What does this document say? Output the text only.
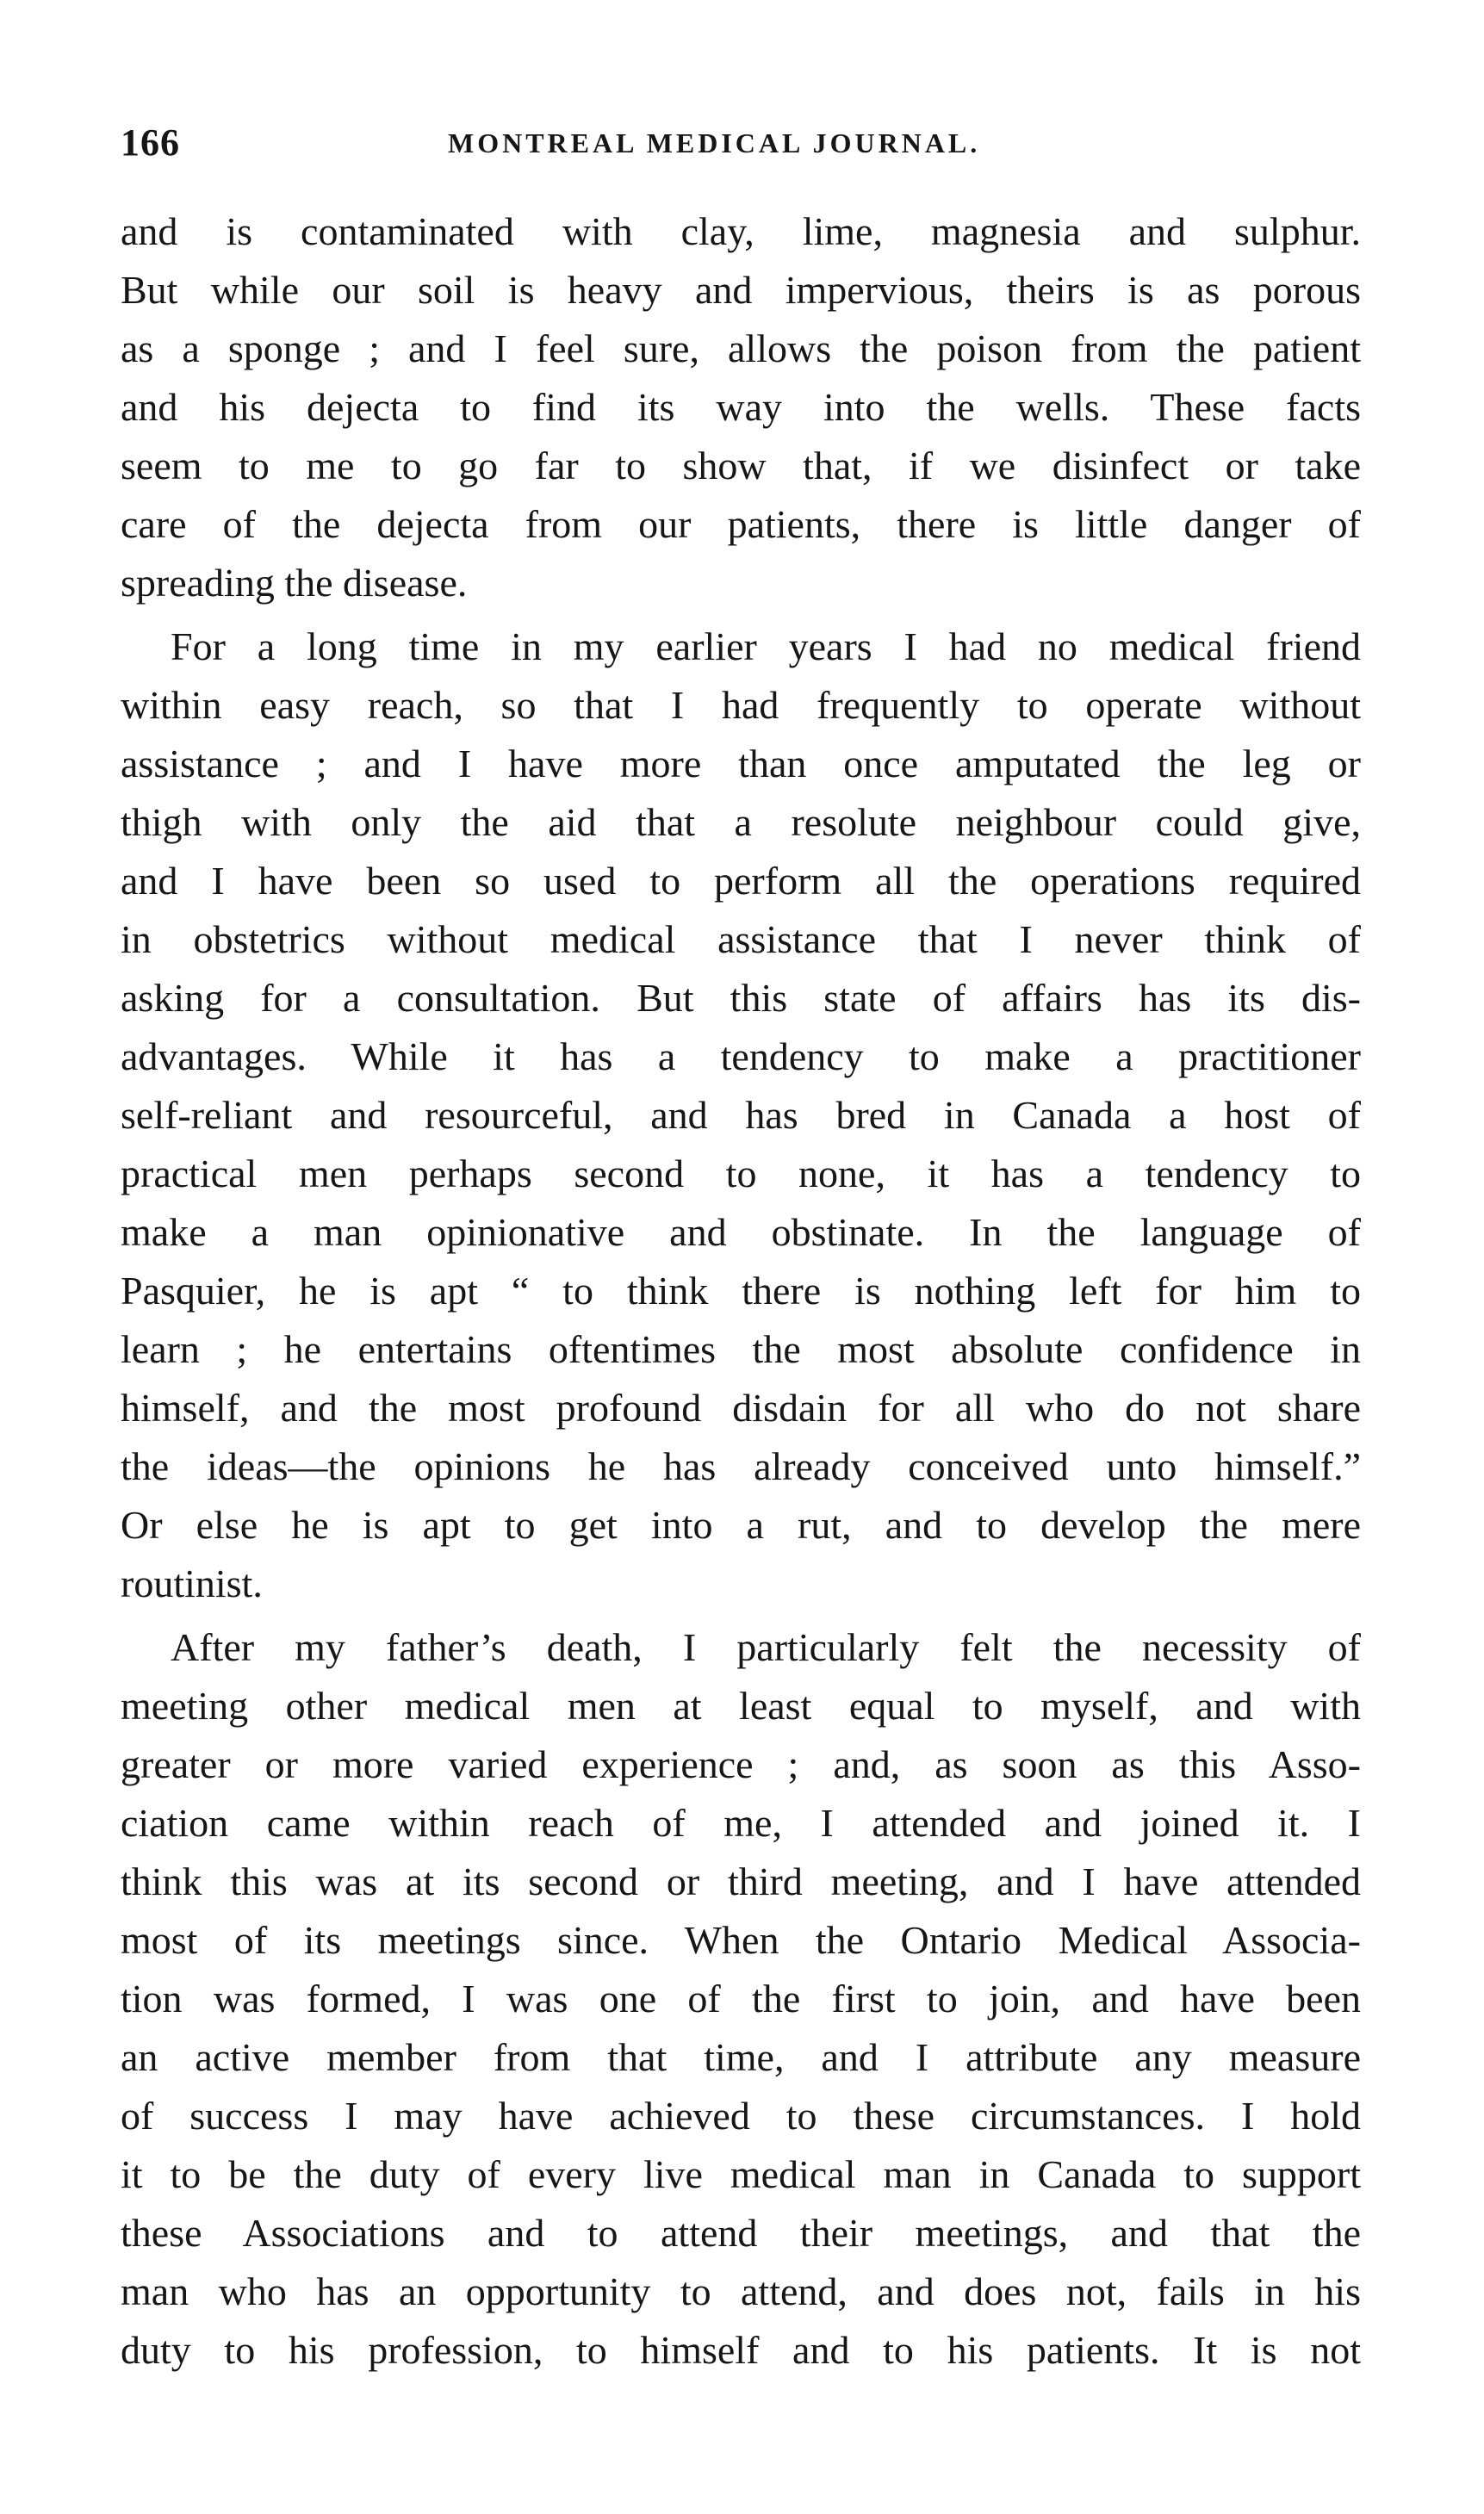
166	MONTREAL MEDICAL JOURNAL.
and is contaminated with clay, lime, magnesia and sulphur.
But while our soil is heavy and impervious, theirs is as porous
as a sponge ; and I feel sure, allows the poison from the patient
and his dejecta to find its way into the wells. These facts
seem to me to go far to show that, if we disinfect or take
care of the dejecta from our patients, there is little danger of
spreading the disease.
For a long time in my earlier years I had no medical friend
within easy reach, so that I had frequently to operate without
assistance ; and I have more than once amputated the leg or
thigh with only the aid that a resolute neighbour could give,
and I have been so used to perform all the operations required
in obstetrics without medical assistance that I never think of
asking for a consultation. But this state of affairs has its dis-
advantages. While it has a tendency to make a practitioner
self-reliant and resourceful, and has bred in Canada a host of
practical men perhaps second to none, it has a tendency to
make a man opinionative and obstinate. In the language of
Pasquier, he is apt “ to think there is nothing left for him to
learn ; he entertains oftentimes the most absolute confidence in
himself, and the most profound disdain for all who do not share
the ideas—the opinions he has already conceived unto himself.”
Or else he is apt to get into a rut, and to develop the mere
routinist.
After my father’s death, I particularly felt the necessity of
meeting other medical men at least equal to myself, and with
greater or more varied experience ; and, as soon as this Asso-
ciation came within reach of me, I attended and joined it. I
think this was at its second or third meeting, and I have attended
most of its meetings since. When the Ontario Medical Associa-
tion was formed, I was one of the first to join, and have been
an active member from that time, and I attribute any measure
of success I may have achieved to these circumstances. I hold
it to be the duty of every live medical man in Canada to support
these Associations and to attend their meetings, and that the
man who has an opportunity to attend, and does not, fails in his
duty to his profession, to himself and to his patients. It is not
